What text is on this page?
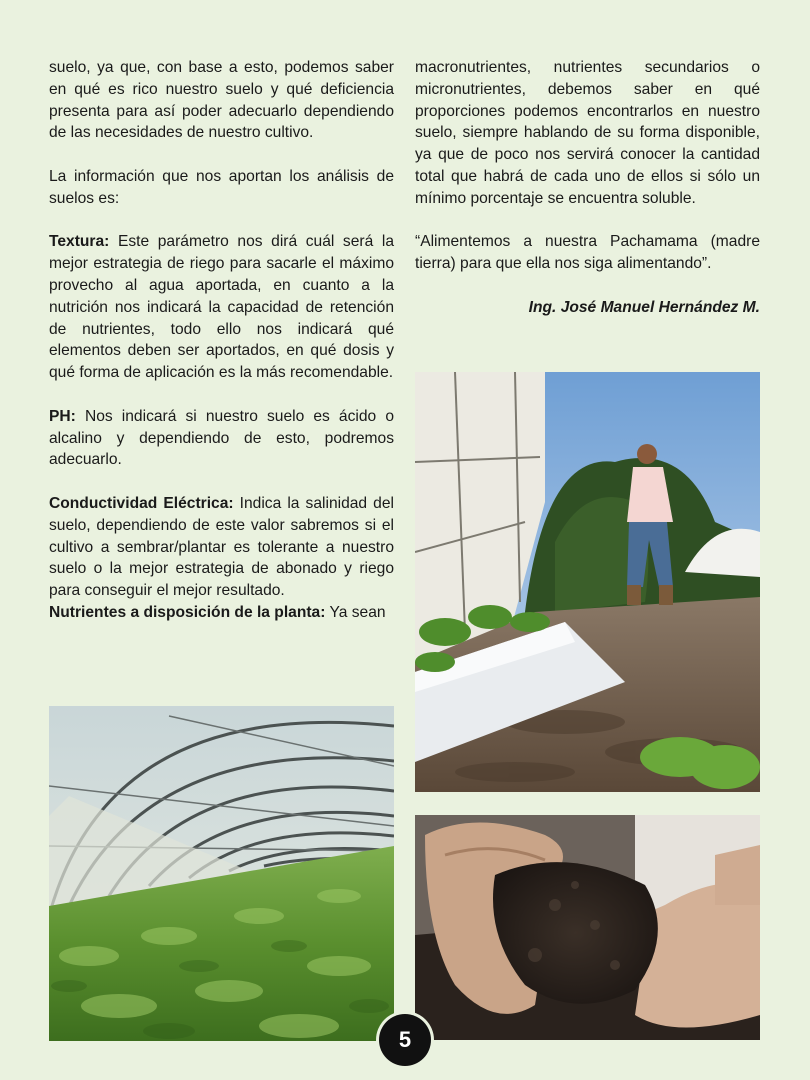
suelo, ya que, con base a esto, podemos saber en qué es rico nuestro suelo y qué deficiencia presenta para así poder adecuarlo dependiendo de las necesidades de nuestro cultivo.

La información que nos aportan los análisis de suelos es:

Textura: Este parámetro nos dirá cuál será la mejor estrategia de riego para sacarle el máximo provecho al agua aportada, en cuanto a la nutrición nos indicará la capacidad de retención de nutrientes, todo ello nos indicará qué elementos deben ser aportados, en qué dosis y qué forma de aplicación es la más recomendable.

PH: Nos indicará si nuestro suelo es ácido o alcalino y dependiendo de esto, podremos adecuarlo.

Conductividad Eléctrica: Indica la salinidad del suelo, dependiendo de este valor sabremos si el cultivo a sembrar/plantar es tolerante a nuestro suelo o la mejor estrategia de abonado y riego para conseguir el mejor resultado.

Nutrientes a disposición de la planta: Ya sean

macronutrientes, nutrientes secundarios o micronutrientes, debemos saber en qué proporciones podemos encontrarlos en nuestro suelo, siempre hablando de su forma disponible, ya que de poco nos servirá conocer la cantidad total que habrá de cada uno de ellos si sólo un mínimo porcentaje se encuentra soluble.

“Alimentemos a nuestra Pachamama (madre tierra) para que ella nos siga alimentando”.

Ing. José Manuel Hernández M.

5
